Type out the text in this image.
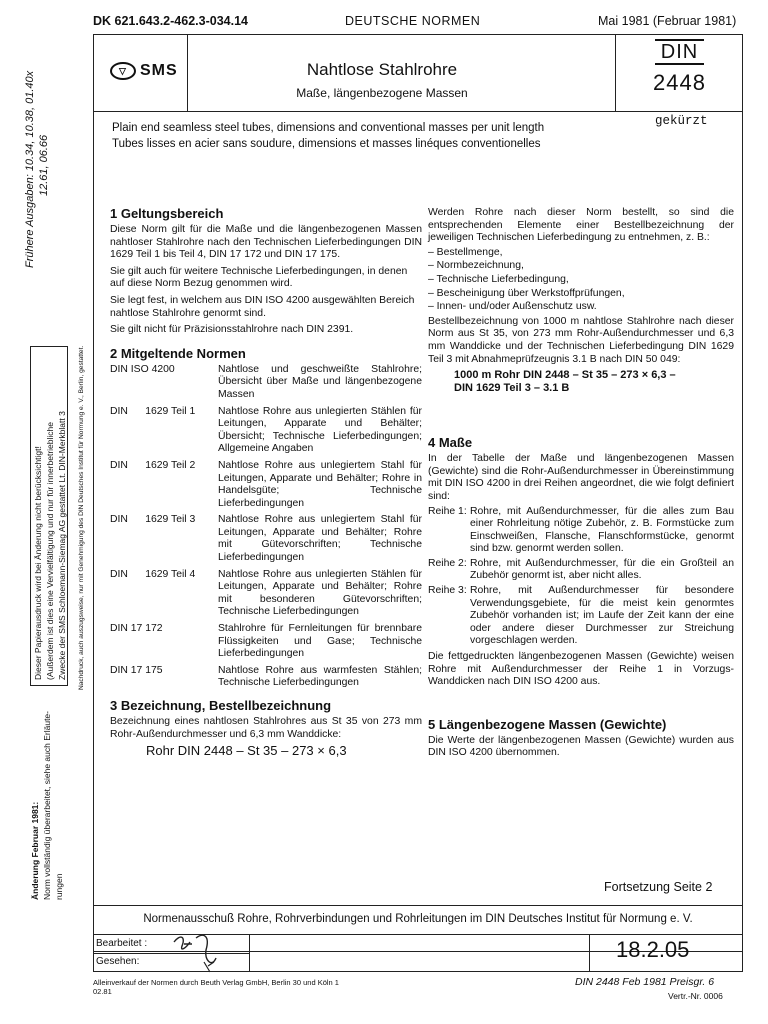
DK 621.643.2-462.3-034.14	DEUTSCHE NORMEN	Mai 1981 (Februar 1981)
▽ SMS	Nahtlose Stahlrohre
Maße, längenbezogene Massen
DIN
2448
gekürzt
Plain end seamless steel tubes, dimensions and conventional masses per unit length
Tubes lisses en acier sans soudure, dimensions et masses linéques conventionelles
1 Geltungsbereich
Diese Norm gilt für die Maße und die längenbezogenen Massen nahtloser Stahlrohre nach den Technischen Lieferbedingungen DIN 1629 Teil 1 bis Teil 4, DIN 17 172 und DIN 17 175.
Sie gilt auch für weitere Technische Lieferbedingungen, in denen auf diese Norm Bezug genommen wird.
Sie legt fest, in welchem aus DIN ISO 4200 ausgewählten Bereich nahtlose Stahlrohre genormt sind.
Sie gilt nicht für Präzisionsstahlrohre nach DIN 2391.
2 Mitgeltende Normen
DIN ISO 4200	Nahtlose und geschweißte Stahlrohre; Übersicht über Maße und längenbezogene Massen
DIN      1629 Teil 1	Nahtlose Rohre aus unlegierten Stählen für Leitungen, Apparate und Behälter; Übersicht; Technische Lieferbedingungen; Allgemeine Angaben
DIN      1629 Teil 2	Nahtlose Rohre aus unlegiertem Stahl für Leitungen, Apparate und Behälter; Rohre in Handelsgüte; Technische Lieferbedingungen
DIN      1629 Teil 3	Nahtlose Rohre aus unlegiertem Stahl für Leitungen, Apparate und Behälter; Rohre mit Gütevorschriften; Technische Lieferbedingungen
DIN      1629 Teil 4	Nahtlose Rohre aus unlegierten Stählen für Leitungen, Apparate und Behälter; Rohre mit besonderen Gütevorschriften; Technische Lieferbedingungen
DIN 17 172	Stahlrohre für Fernleitungen für brennbare Flüssigkeiten und Gase; Technische Lieferbedingungen
DIN 17 175	Nahtlose Rohre aus warmfesten Stählen; Technische Lieferbedingungen
3 Bezeichnung, Bestellbezeichnung
Bezeichnung eines nahtlosen Stahlrohres aus St 35 von 273 mm Rohr-Außendurchmesser und 6,3 mm Wanddicke:
Rohr DIN 2448 – St 35 – 273 × 6,3
Werden Rohre nach dieser Norm bestellt, so sind die entsprechenden Elemente einer Bestellbezeichnung der jeweiligen Technischen Lieferbedingung zu entnehmen, z. B.:
– Bestellmenge,
– Normbezeichnung,
– Technische Lieferbedingung,
– Bescheinigung über Werkstoffprüfungen,
– Innen- und/oder Außenschutz usw.
Bestellbezeichnung von 1000 m nahtlose Stahlrohre nach dieser Norm aus St 35, von 273 mm Rohr-Außendurchmesser und 6,3 mm Wanddicke und der Technischen Lieferbedingung DIN 1629 Teil 3 mit Abnahmeprüfzeugnis 3.1 B nach DIN 50 049:
1000 m Rohr DIN 2448 – St 35 – 273 × 6,3 –
DIN 1629 Teil 3 – 3.1 B
4 Maße
In der Tabelle der Maße und längenbezogenen Massen (Gewichte) sind die Rohr-Außendurchmesser in Übereinstimmung mit DIN ISO 4200 in drei Reihen angeordnet, die wie folgt definiert sind:
Reihe 1: Rohre, mit Außendurchmesser, für die alles zum Bau einer Rohrleitung nötige Zubehör, z. B. Formstücke zum Einschweißen, Flansche, Flanschformstücke, genormt sind bzw. genormt werden sollen.
Reihe 2: Rohre, mit Außendurchmesser, für die ein Großteil an Zubehör genormt ist, aber nicht alles.
Reihe 3: Rohre, mit Außendurchmesser für besondere Verwendungsgebiete, für die meist kein genormtes Zubehör vorhanden ist; im Laufe der Zeit kann der eine oder andere dieser Durchmesser zur Streichung vorgeschlagen werden.
Die fettgedruckten längenbezogenen Massen (Gewichte) weisen Rohre mit Außendurchmesser der Reihe 1 in Vorzugs-Wanddicken nach DIN ISO 4200 aus.
5 Längenbezogene Massen (Gewichte)
Die Werte der längenbezogenen Massen (Gewichte) wurden aus DIN ISO 4200 übernommen.
Fortsetzung Seite 2
Normenausschuß Rohre, Rohrverbindungen und Rohrleitungen im DIN Deutsches Institut für Normung e. V.
Bearbeitet :
Gesehen:	18.2.05
Alleinverkauf der Normen durch Beuth Verlag GmbH, Berlin 30 und Köln 1
02.81
DIN 2448 Feb 1981 Preisgr. 6
Vertr.-Nr. 0006
Frühere Ausgaben: 10.34, 10.38, 01.40x 12.61, 06.66
Dieser Papierausdruck wird bei Änderung nicht berücksichtigt! (Außerdem ist dies eine Vervielfältigung und nur für innerbetriebliche Zwecke der SMS Schloemann-Siemag AG gestattet Lt. DIN-Merkblatt 3 Nachdruck, auch auszugsweise, nur mit Genehmigung des DIN Deutsches Institut für Normung e. V., Berlin, gestattet.
Änderung Februar 1981: Norm vollständig überarbeitet, siehe auch Erläute- rungen
